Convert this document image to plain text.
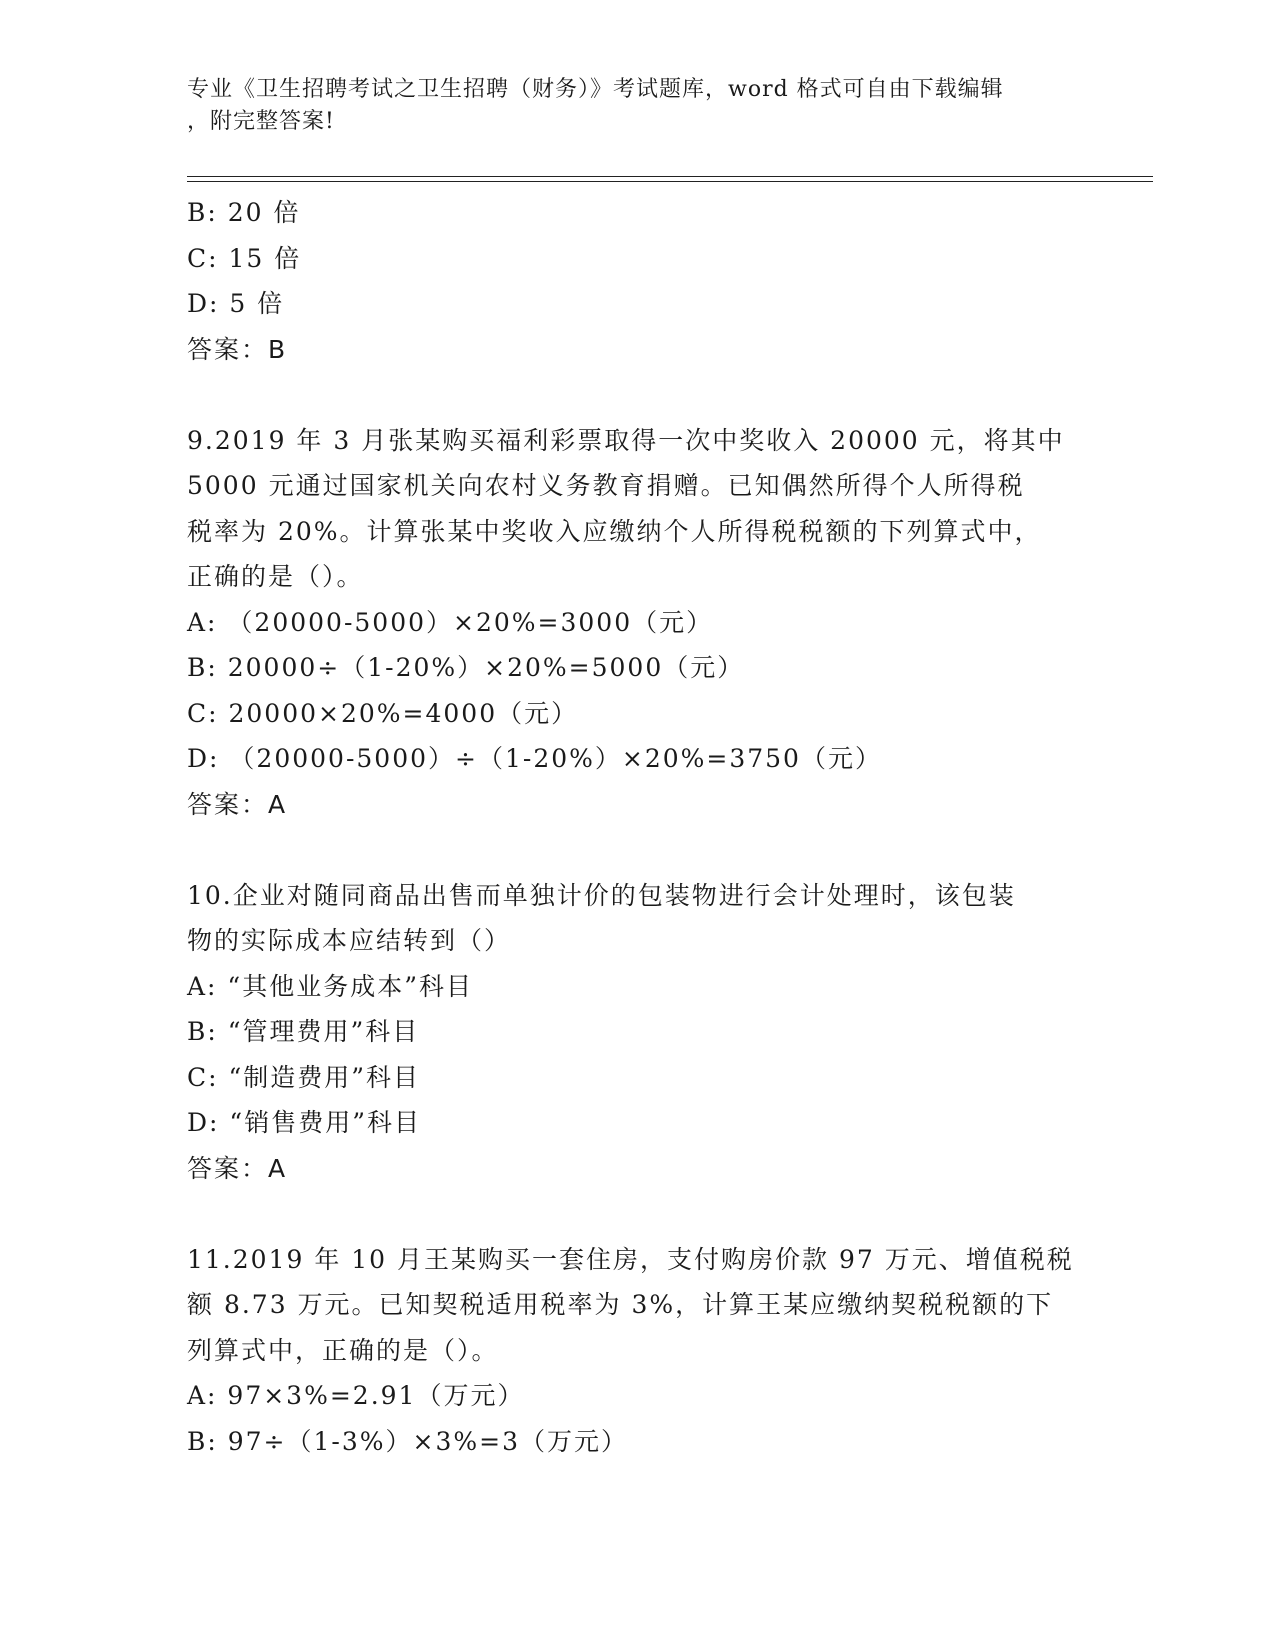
专业《卫生招聘考试之卫生招聘（财务）》考试题库，word 格式可自由下载编辑
，附完整答案!
B: 20 倍
C: 15 倍
D: 5 倍
答案：B
9.2019 年 3 月张某购买福利彩票取得一次中奖收入 20000 元，将其中
5000 元通过国家机关向农村义务教育捐赠。已知偶然所得个人所得税
税率为 20%。计算张某中奖收入应缴纳个人所得税税额的下列算式中，
正确的是（）。
A: （20000-5000）×20%=3000（元）
B: 20000÷（1-20%）×20%=5000（元）
C: 20000×20%=4000（元）
D: （20000-5000）÷（1-20%）×20%=3750（元）
答案：A
10.企业对随同商品出售而单独计价的包装物进行会计处理时，该包装
物的实际成本应结转到（）
A: “其他业务成本”科目
B: “管理费用”科目
C: “制造费用”科目
D: “销售费用”科目
答案：A
11.2019 年 10 月王某购买一套住房，支付购房价款 97 万元、增值税税
额 8.73 万元。已知契税适用税率为 3%，计算王某应缴纳契税税额的下
列算式中，正确的是（）。
A: 97×3%=2.91（万元）
B: 97÷（1-3%）×3%=3（万元）
